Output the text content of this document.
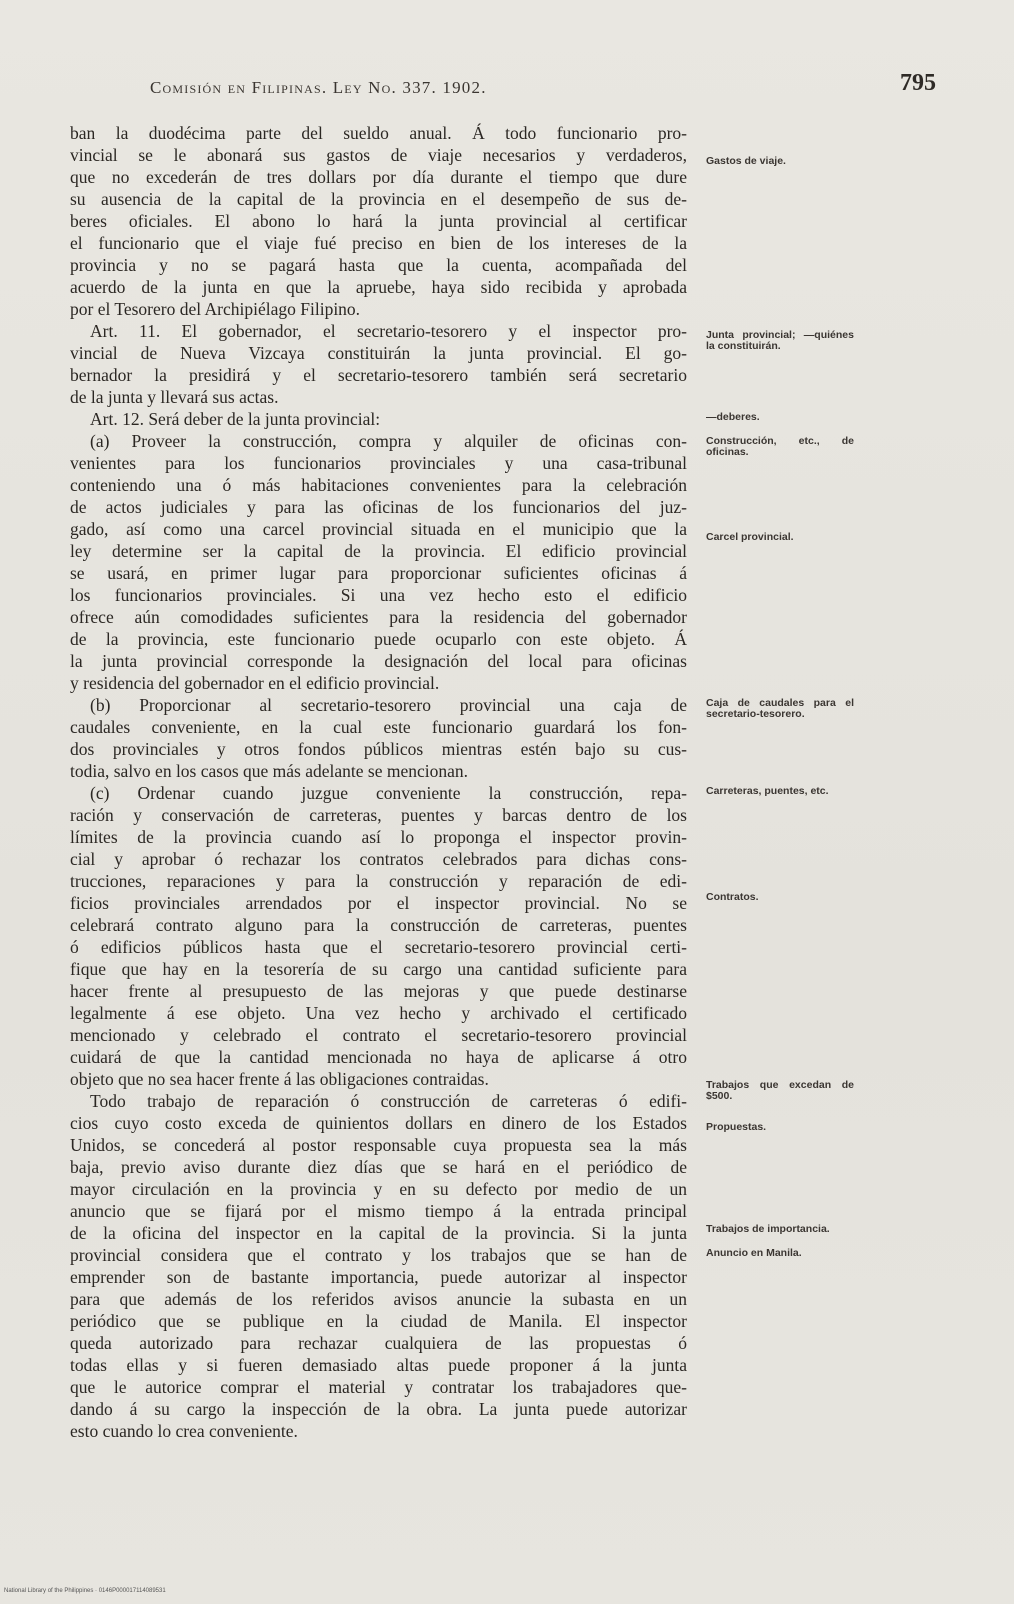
Comisión en Filipinas. Ley No. 337. 1902.	795
ban la duodécima parte del sueldo anual. Á todo funcionario pro-
vincial se le abonará sus gastos de viaje necesarios y verdaderos,
que no excederán de tres dollars por día durante el tiempo que dure
su ausencia de la capital de la provincia en el desempeño de sus de-
beres oficiales. El abono lo hará la junta provincial al certificar
el funcionario que el viaje fué preciso en bien de los intereses de la
provincia y no se pagará hasta que la cuenta, acompañada del
acuerdo de la junta en que la apruebe, haya sido recibida y aprobada
por el Tesorero del Archipiélago Filipino.
Art. 11. El gobernador, el secretario-tesorero y el inspector pro-
vincial de Nueva Vizcaya constituirán la junta provincial. El go-
bernador la presidirá y el secretario-tesorero también será secretario
de la junta y llevará sus actas.
Art. 12. Será deber de la junta provincial:
(a) Proveer la construcción, compra y alquiler de oficinas con-
venientes para los funcionarios provinciales y una casa-tribunal
conteniendo una ó más habitaciones convenientes para la celebración
de actos judiciales y para las oficinas de los funcionarios del juz-
gado, así como una carcel provincial situada en el municipio que la
ley determine ser la capital de la provincia. El edificio provincial
se usará, en primer lugar para proporcionar suficientes oficinas á
los funcionarios provinciales. Si una vez hecho esto el edificio
ofrece aún comodidades suficientes para la residencia del gobernador
de la provincia, este funcionario puede ocuparlo con este objeto. Á
la junta provincial corresponde la designación del local para oficinas
y residencia del gobernador en el edificio provincial.
(b) Proporcionar al secretario-tesorero provincial una caja de
caudales conveniente, en la cual este funcionario guardará los fon-
dos provinciales y otros fondos públicos mientras estén bajo su cus-
todia, salvo en los casos que más adelante se mencionan.
(c) Ordenar cuando juzgue conveniente la construcción, repa-
ración y conservación de carreteras, puentes y barcas dentro de los
límites de la provincia cuando así lo proponga el inspector provin-
cial y aprobar ó rechazar los contratos celebrados para dichas cons-
trucciones, reparaciones y para la construcción y reparación de edi-
ficios provinciales arrendados por el inspector provincial. No se
celebrará contrato alguno para la construcción de carreteras, puentes
ó edificios públicos hasta que el secretario-tesorero provincial certi-
fique que hay en la tesorería de su cargo una cantidad suficiente para
hacer frente al presupuesto de las mejoras y que puede destinarse
legalmente á ese objeto. Una vez hecho y archivado el certificado
mencionado y celebrado el contrato el secretario-tesorero provincial
cuidará de que la cantidad mencionada no haya de aplicarse á otro
objeto que no sea hacer frente á las obligaciones contraidas.
Todo trabajo de reparación ó construcción de carreteras ó edifi-
cios cuyo costo exceda de quinientos dollars en dinero de los Estados
Unidos, se concederá al postor responsable cuya propuesta sea la más
baja, previo aviso durante diez días que se hará en el periódico de
mayor circulación en la provincia y en su defecto por medio de un
anuncio que se fijará por el mismo tiempo á la entrada principal
de la oficina del inspector en la capital de la provincia. Si la junta
provincial considera que el contrato y los trabajos que se han de
emprender son de bastante importancia, puede autorizar al inspector
para que además de los referidos avisos anuncie la subasta en un
periódico que se publique en la ciudad de Manila. El inspector
queda autorizado para rechazar cualquiera de las propuestas ó
todas ellas y si fueren demasiado altas puede proponer á la junta
que le autorice comprar el material y contratar los trabajadores que-
dando á su cargo la inspección de la obra. La junta puede autorizar
esto cuando lo crea conveniente.
Gastos de viaje.
Junta provincial; —quiénes la constituirán.
—deberes.
Construcción, etc., de oficinas.
Carcel provincial.
Caja de caudales para el secretario-tesorero.
Carreteras, puentes, etc.
Contratos.
Trabajos que excedan de $500.
Propuestas.
Trabajos de importancia.
Anuncio en Manila.
National Library of the Philippines · 0146P000017114089531
